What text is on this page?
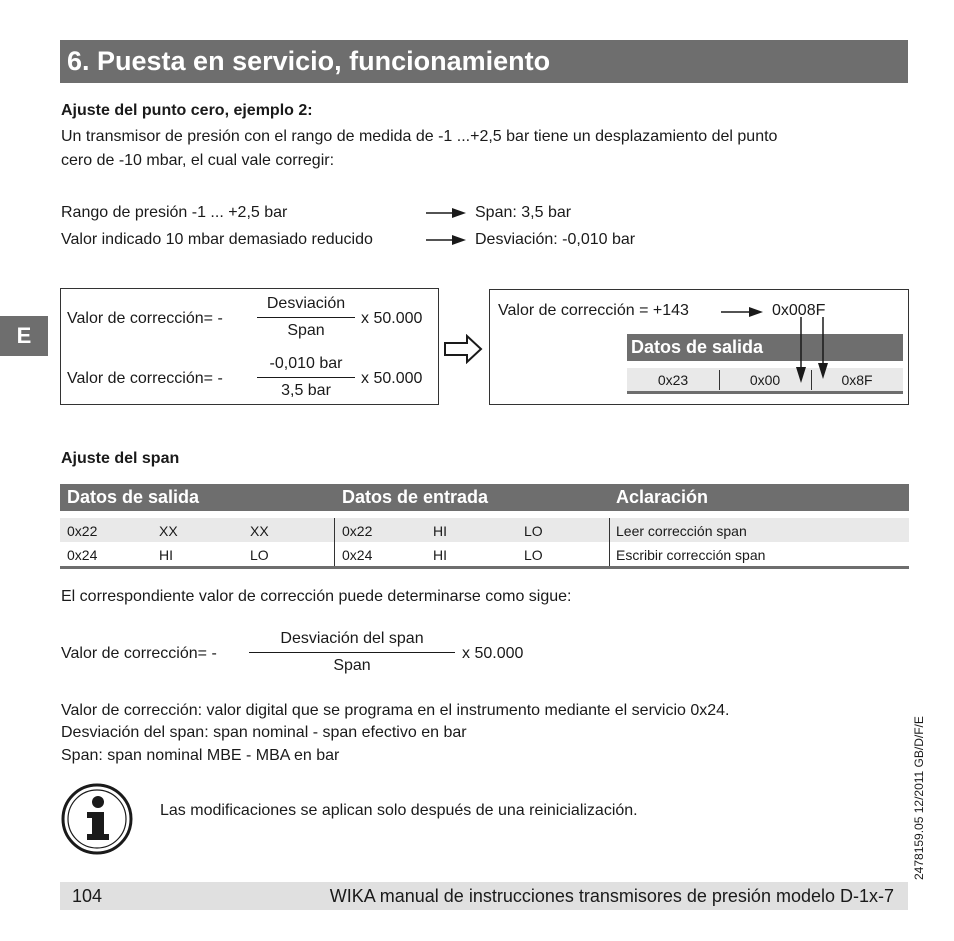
6. Puesta en servicio, funcionamiento
E
Ajuste del punto cero, ejemplo 2:
Un transmisor de presión con el rango de medida de -1 ...+2,5 bar tiene un desplazamiento del punto
cero de -10 mbar, el cual vale corregir:
Rango de presión -1 ... +2,5 bar	Span: 3,5 bar
Valor indicado 10 mbar demasiado reducido	Desviación: -0,010 bar
Valor de corrección= -
Desviación
Span
x 50.000
Valor de corrección= -
-0,010 bar
3,5 bar
x 50.000
Valor de corrección = +143	0x008F
Datos de salida
0x23	0x00	0x8F
Ajuste del span
Datos de salida	Datos de entrada	Aclaración
0x22	XX	XX	0x22	HI	LO	Leer corrección span
0x24	HI	LO	0x24	HI	LO	Escribir corrección span
El correspondiente valor de corrección puede determinarse como sigue:
Valor de corrección= -
Desviación del span
Span
x 50.000
Valor de corrección: valor digital que se programa en el instrumento mediante el servicio 0x24.
Desviación del span: span nominal - span efectivo en bar
Span: span nominal MBE - MBA en bar
Las modificaciones se aplican solo después de una reinicialización.
104	WIKA manual de instrucciones transmisores de presión modelo D-1x-7
2478159.05 12/2011 GB/D/F/E
